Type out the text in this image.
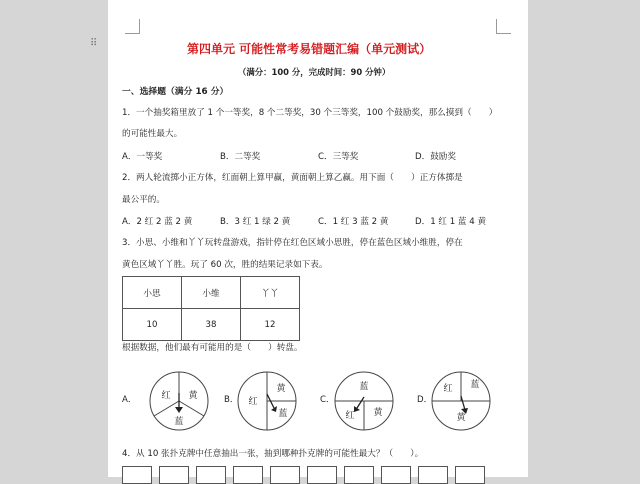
⠿	第四单元 可能性常考易错题汇编（单元测试）
（满分：100 分，完成时间：90 分钟）
一、选择题（满分 16 分）
1．一个抽奖箱里放了 1 个一等奖，8 个二等奖，30 个三等奖，100 个鼓励奖，那么摸到（　　）
的可能性最大。
A．一等奖	B．二等奖	C．三等奖	D．鼓励奖
2．两人轮流掷小正方体，红面朝上算甲赢，黄面朝上算乙赢。用下面（　　）正方体掷是
最公平的。
A．2 红 2 蓝 2 黄	B．3 红 1 绿 2 黄	C．1 红 3 蓝 2 黄	D．1 红 1 蓝 4 黄
3．小思、小维和丫丫玩转盘游戏，指针停在红色区域小思胜，停在蓝色区域小维胜，停在
黄色区域丫丫胜。玩了 60 次，胜的结果记录如下表。
小思	小维	丫丫
10	38	12
根据数据，他们最有可能用的是（　　）转盘。
A．	红 黄
蓝
B．
黄
红
蓝
C．
蓝
红 黄
D．
红 蓝
黄
4．从 10 张扑克牌中任意抽出一张，抽到哪种扑克牌的可能性最大？（　　）。
